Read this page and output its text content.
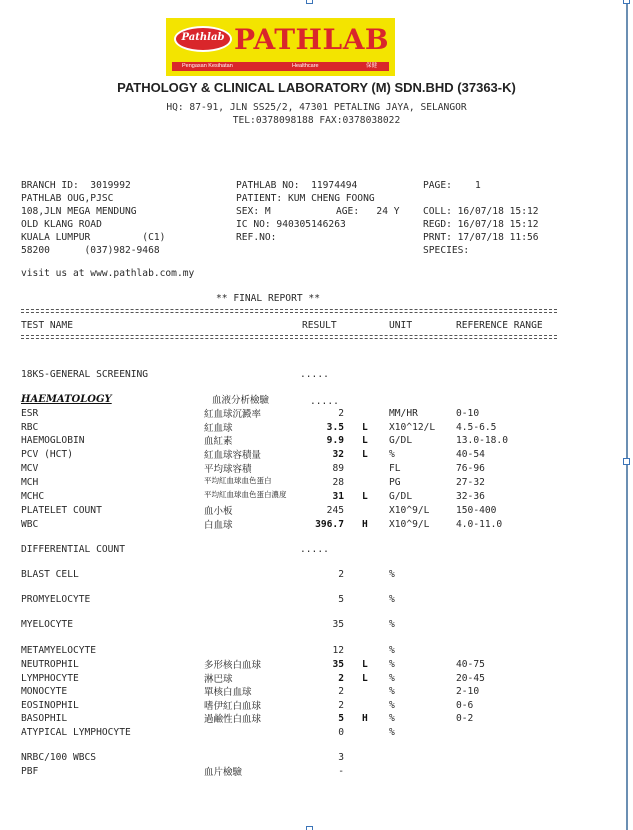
Pathlab PATHLAB
Pengasan Kesihatan	Healthcare	保健
PATHOLOGY & CLINICAL LABORATORY (M) SDN.BHD (37363-K)
HQ: 87-91, JLN SS25/2, 47301 PETALING JAYA, SELANGOR
TEL:0378098188 FAX:0378038022
BRANCH ID:  3019992
PATHLAB OUG,PJSC
108,JLN MEGA MENDUNG
OLD KLANG ROAD
KUALA LUMPUR         (C1)
58200      (037)982-9468
PATHLAB NO:  11974494
PATIENT: KUM CHENG FOONG
SEX: M	AGE:   24 Y
IC NO: 940305146263
REF.NO:
PAGE:    1
COLL: 16/07/18 15:12
REGD: 16/07/18 15:12
PRNT: 17/07/18 11:56
SPECIES:
visit us at www.pathlab.com.my
** FINAL REPORT **
TEST NAME	RESULT	UNIT	REFERENCE RANGE
18KS-GENERAL SCREENING	.....
HAEMATOLOGY	血液分析檢驗	.....
ESR	紅血球沉澱率	2	MM/HR	0-10
RBC	紅血球	3.5 L X10^12/L 4.5-6.5
HAEMOGLOBIN	血紅素	9.9 L G/DL	13.0-18.0
PCV (HCT)	紅血球容積量	32 L %	40-54
MCV	平均球容積	89	FL	76-96
MCH	平均紅血球血色蛋白	28	PG	27-32
MCHC	平均紅血球血色蛋白濃度	31 L G/DL	32-36
PLATELET COUNT	血小板	245	X10^9/L	150-400
WBC	白血球	396.7 H X10^9/L	4.0-11.0
DIFFERENTIAL COUNT	.....
BLAST CELL	2	%
PROMYELOCYTE	5	%
MYELOCYTE	35	%
METAMYELOCYTE	12	%
NEUTROPHIL	多形核白血球	35 L %	40-75
LYMPHOCYTE	淋巴球	2 L %	20-45
MONOCYTE	單核白血球	2	%	2-10
EOSINOPHIL	嗜伊紅白血球	2	%	0-6
BASOPHIL	過鹼性白血球	5 H %	0-2
ATYPICAL LYMPHOCYTE	0	%
NRBC/100 WBCS	3
PBF	血片檢驗	-
